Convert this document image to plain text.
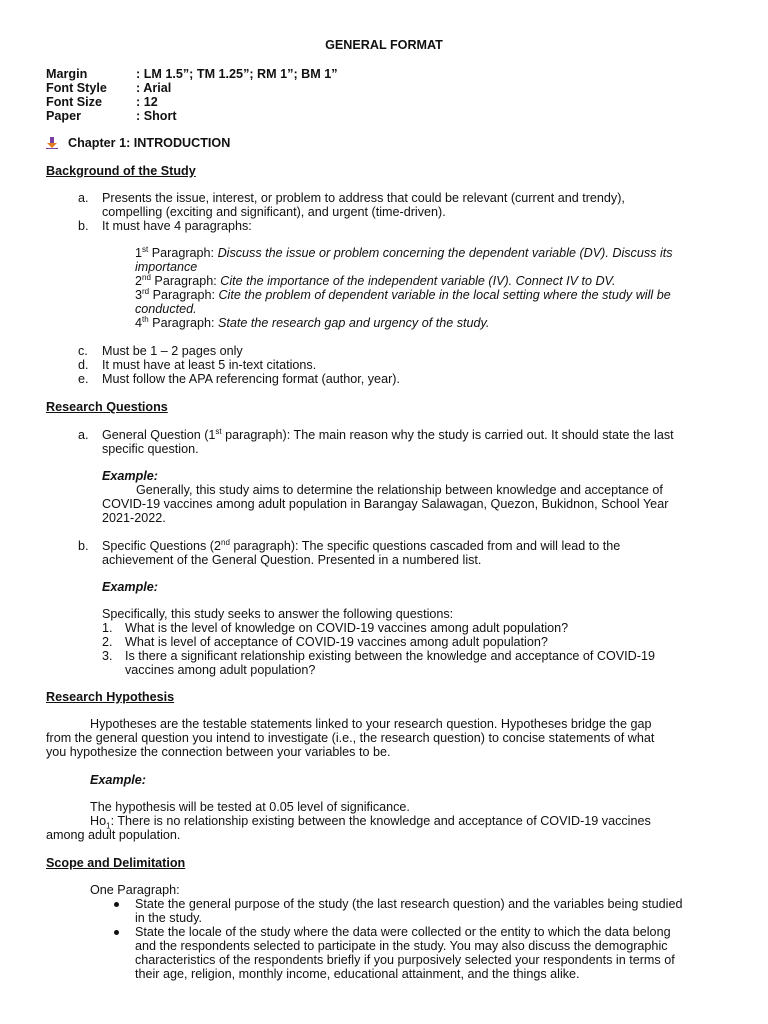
GENERAL FORMAT
Margin	: LM 1.5”; TM 1.25”; RM 1”; BM 1”
Font Style : Arial
Font Size	: 12
Paper	: Short
Chapter 1: INTRODUCTION
Background of the Study
a. Presents the issue, interest, or problem to address that could be relevant (current and trendy),
compelling (exciting and significant), and urgent (time-driven).
b. It must have 4 paragraphs:
1st Paragraph: Discuss the issue or problem concerning the dependent variable (DV). Discuss its
importance
2nd Paragraph: Cite the importance of the independent variable (IV). Connect IV to DV.
3rd Paragraph: Cite the problem of dependent variable in the local setting where the study will be
conducted.
4th Paragraph: State the research gap and urgency of the study.
c. Must be 1 – 2 pages only
d. It must have at least 5 in-text citations.
e. Must follow the APA referencing format (author, year).
Research Questions
a. General Question (1st paragraph): The main reason why the study is carried out. It should state the last
specific question.
Example:
Generally, this study aims to determine the relationship between knowledge and acceptance of
COVID-19 vaccines among adult population in Barangay Salawagan, Quezon, Bukidnon, School Year
2021-2022.
b. Specific Questions (2nd paragraph): The specific questions cascaded from and will lead to the
achievement of the General Question. Presented in a numbered list.
Example:
Specifically, this study seeks to answer the following questions:
1. What is the level of knowledge on COVID-19 vaccines among adult population?
2. What is level of acceptance of COVID-19 vaccines among adult population?
3. Is there a significant relationship existing between the knowledge and acceptance of COVID-19
vaccines among adult population?
Research Hypothesis
Hypotheses are the testable statements linked to your research question. Hypotheses bridge the gap
from the general question you intend to investigate (i.e., the research question) to concise statements of what
you hypothesize the connection between your variables to be.
Example:
The hypothesis will be tested at 0.05 level of significance.
$Ho_1$: There is no relationship existing between the knowledge and acceptance of COVID-19 vaccines
among adult population.
Scope and Delimitation
One Paragraph:
State the general purpose of the study (the last research question) and the variables being studied
in the study.
State the locale of the study where the data were collected or the entity to which the data belong
and the respondents selected to participate in the study. You may also discuss the demographic
characteristics of the respondents briefly if you purposively selected your respondents in terms of
their age, religion, monthly income, educational attainment, and the things alike.
